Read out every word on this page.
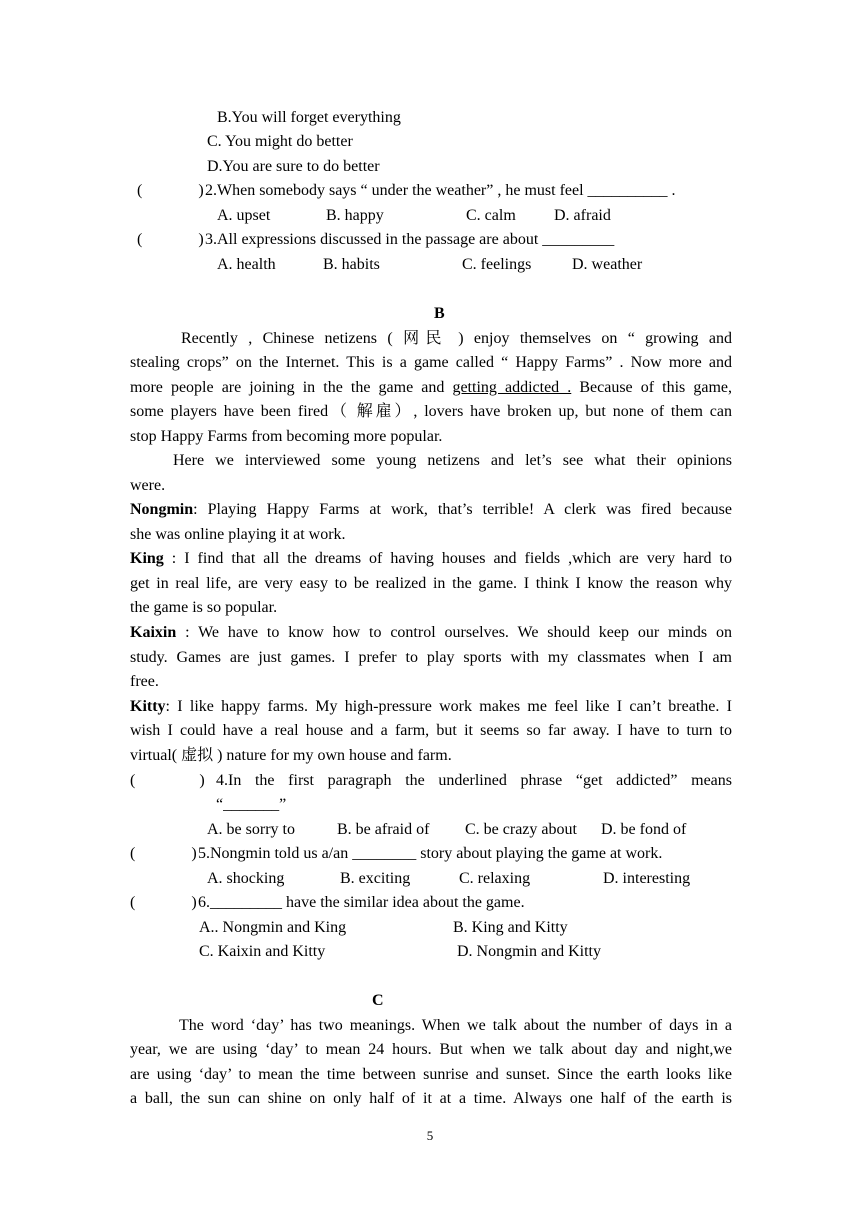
B.You will forget everything
C. You might do better
D.You are sure to do better
(              ) 2.When somebody says “ under the weather” , he must feel __________ .
A. upset	B. happy	C. calm D. afraid
(              ) 3.All expressions discussed in the passage are about _________
A. health	B. habits	C. feelings	D. weather
B
Recently , Chinese netizens ( 网民 ) enjoy themselves on “ growing and
stealing crops” on the Internet. This is a game called “ Happy Farms” . Now more and
more people are joining in the the game and getting addicted . Because of this game,
some players have been fired（ 解雇）, lovers have broken up, but none of them can
stop Happy Farms from becoming more popular.
Here we interviewed some young netizens and let’s see what their opinions
were.
Nongmin: Playing Happy Farms at work, that’s terrible! A clerk was fired because
she was online playing it at work.
King : I find that all the dreams of having houses and fields ,which are very hard to
get in real life, are very easy to be realized in the game. I think I know the reason why
the game is so popular.
Kaixin : We have to know how to control ourselves. We should keep our minds on
study. Games are just games. I prefer to play sports with my classmates when I am
free.
Kitty: I like happy farms. My high-pressure work makes me feel like I can’t breathe. I
wish I could have a real house and a farm, but it seems so far away. I have to turn to
virtual( 虚拟 ) nature for my own house and farm.
(                ) 4.In the first paragraph the underlined phrase “get addicted” means
“_______”
A. be sorry to	B. be afraid of C. be crazy about D. be fond of
(              ) 5.Nongmin told us a/an ________ story about playing the game at work.
A. shocking	B. exciting	C. relaxing	D. interesting
(              ) 6._________ have the similar idea about the game.
A.. Nongmin and King	B. King and Kitty
C. Kaixin and Kitty	D. Nongmin and Kitty
C
The word ‘day’ has two meanings. When we talk about the number of days in a
year, we are using ‘day’ to mean 24 hours. But when we talk about day and night,we
are using ‘day’ to mean the time between sunrise and sunset. Since the earth looks like
a ball, the sun can shine on only half of it at a time. Always one half of the earth is
5
